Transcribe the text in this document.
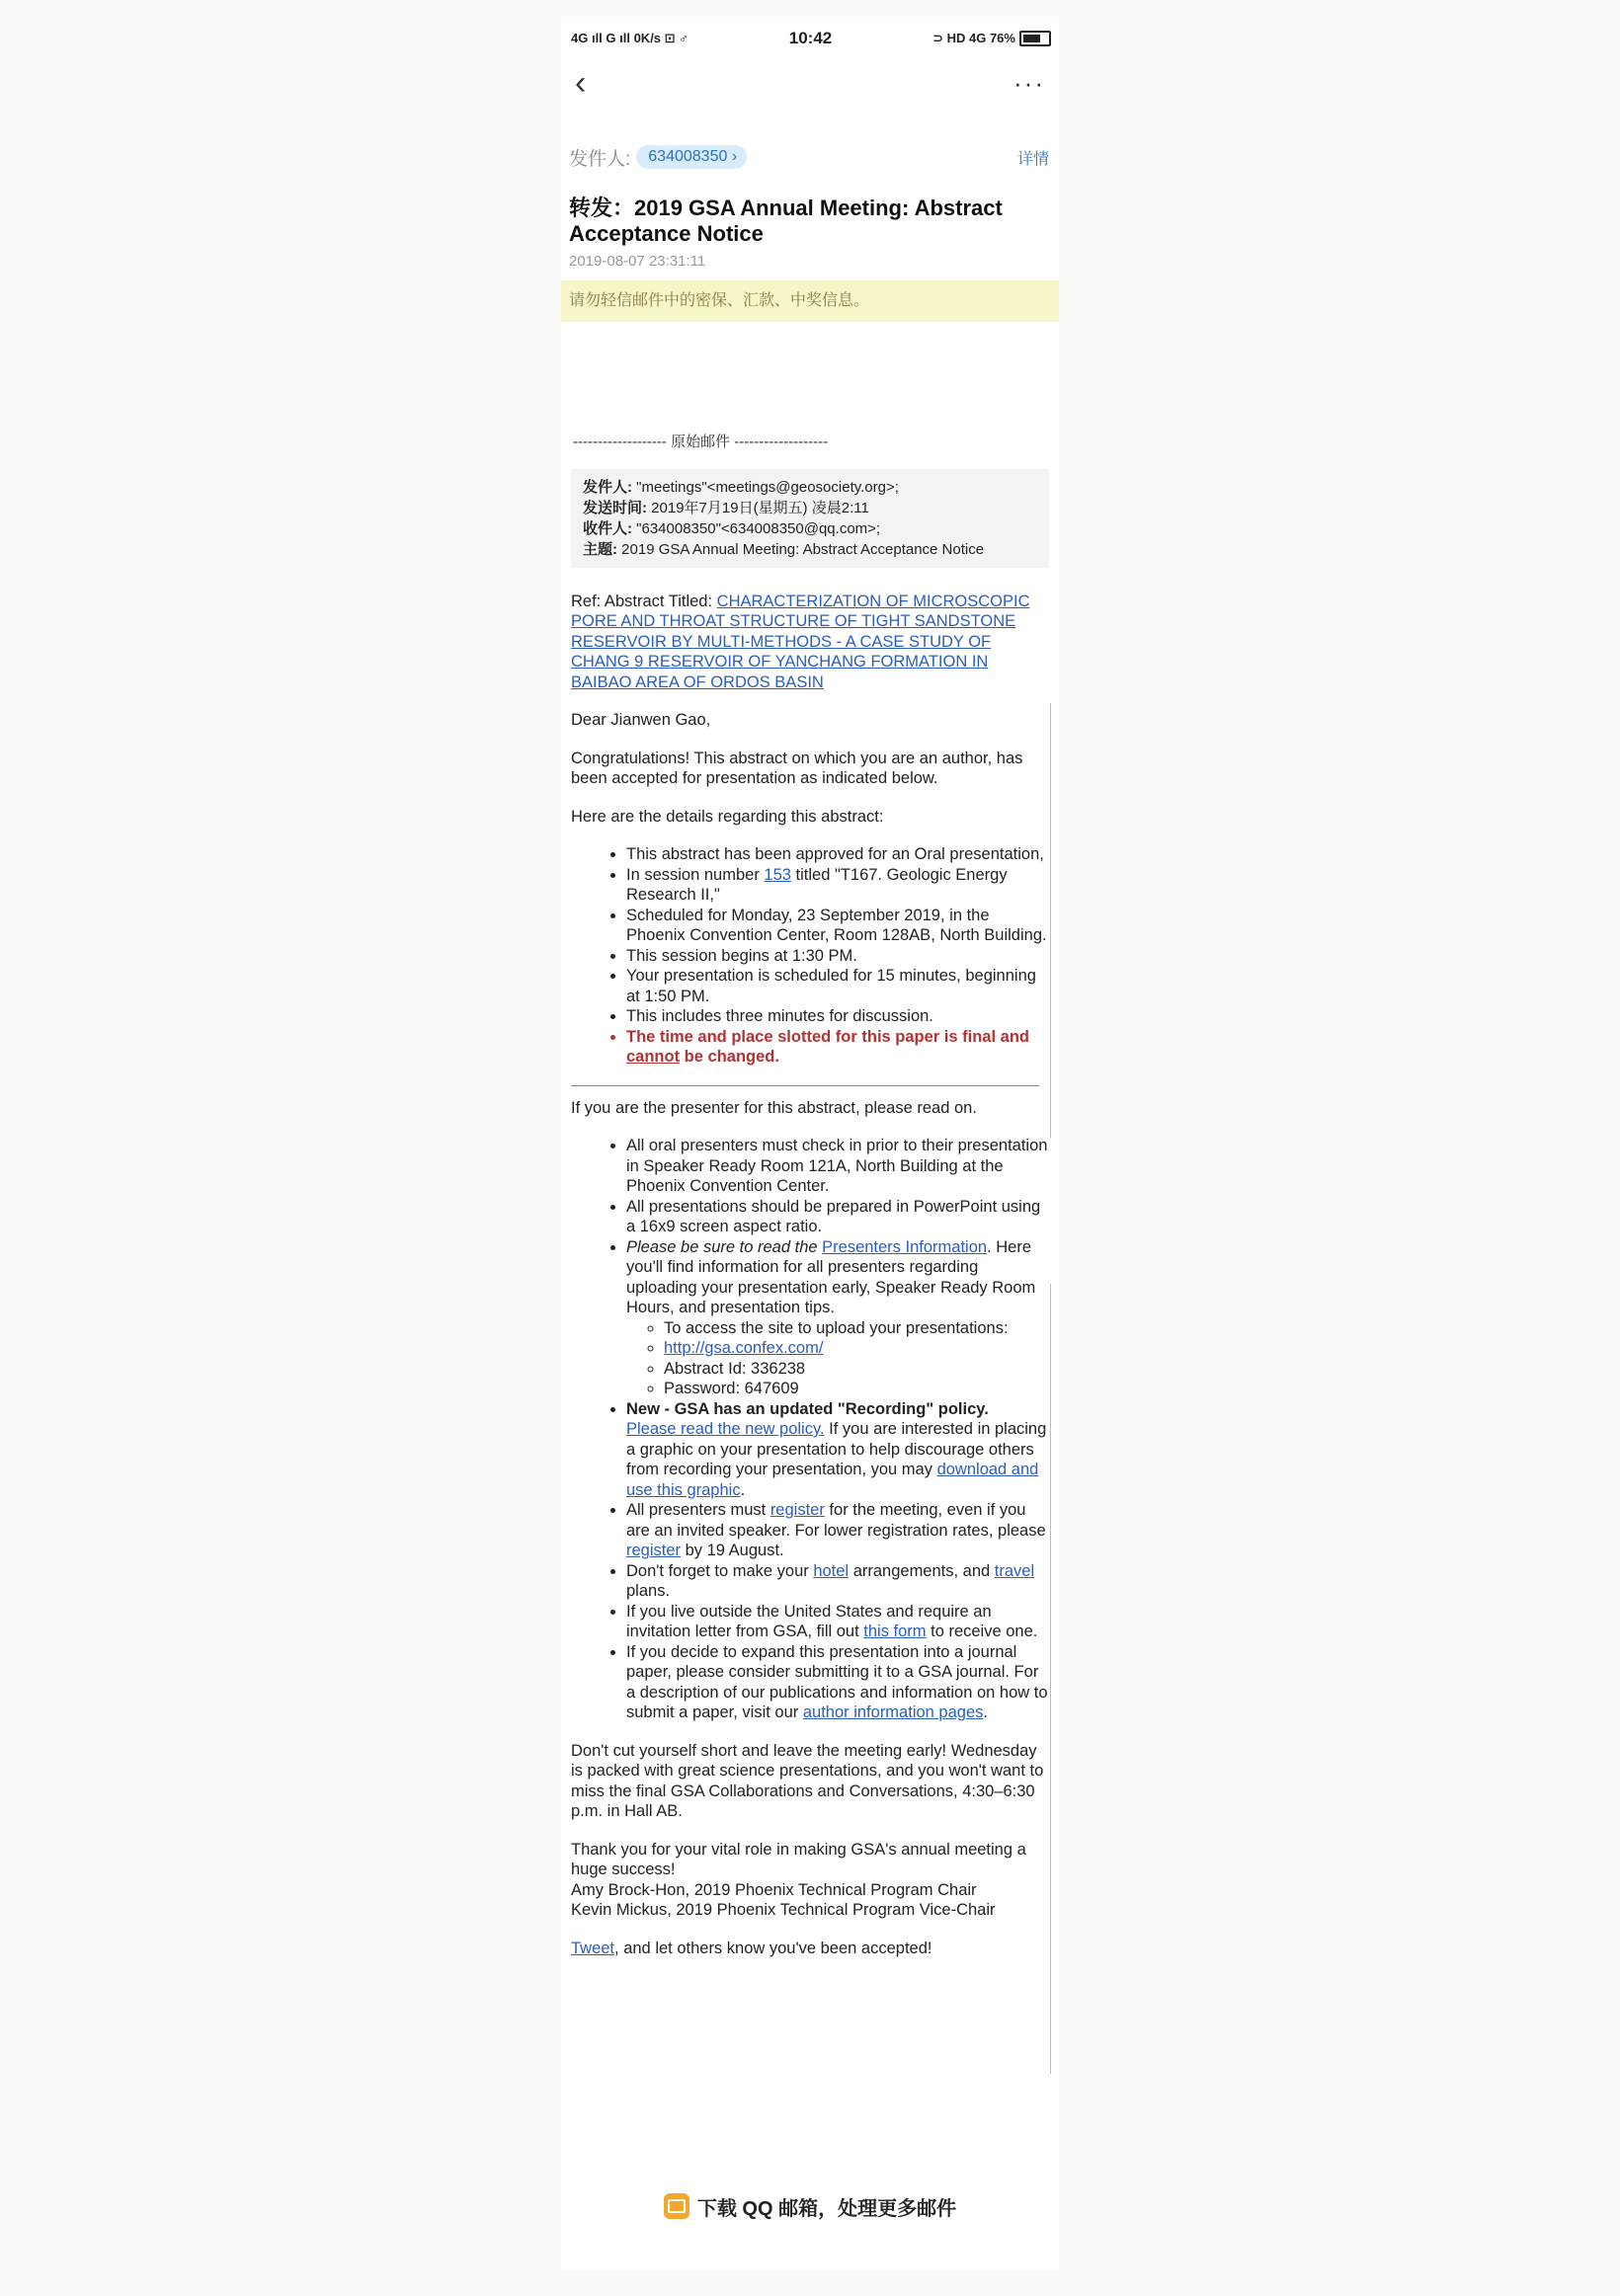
4G ıll G ıll 0K/s ⊡ ♂	10:42	⊃ HD 4G 76%
‹	···
发件人:	634008350 ›	详情
转发：2019 GSA Annual Meeting: Abstract Acceptance Notice
2019-08-07 23:31:11
请勿轻信邮件中的密保、汇款、中奖信息。
------------------- 原始邮件 -------------------
发件人: "meetings"<meetings@geosociety.org>;
发送时间: 2019年7月19日(星期五) 凌晨2:11
收件人: "634008350"<634008350@qq.com>;
主题: 2019 GSA Annual Meeting: Abstract Acceptance Notice

Ref: Abstract Titled: CHARACTERIZATION OF MICROSCOPIC PORE AND THROAT STRUCTURE OF TIGHT SANDSTONE RESERVOIR BY MULTI-METHODS - A CASE STUDY OF CHANG 9 RESERVOIR OF YANCHANG FORMATION IN BAIBAO AREA OF ORDOS BASIN

Dear Jianwen Gao,

Congratulations! This abstract on which you are an author, has been accepted for presentation as indicated below.

Here are the details regarding this abstract:

• This abstract has been approved for an Oral presentation,
• In session number 153 titled "T167. Geologic Energy Research II,"
• Scheduled for Monday, 23 September 2019, in the Phoenix Convention Center, Room 128AB, North Building.
• This session begins at 1:30 PM.
• Your presentation is scheduled for 15 minutes, beginning at 1:50 PM.
• This includes three minutes for discussion.
• The time and place slotted for this paper is final and cannot be changed.

If you are the presenter for this abstract, please read on.

• All oral presenters must check in prior to their presentation in Speaker Ready Room 121A, North Building at the Phoenix Convention Center.
• All presentations should be prepared in PowerPoint using a 16x9 screen aspect ratio.
• Please be sure to read the Presenters Information. Here you'll find information for all presenters regarding uploading your presentation early, Speaker Ready Room Hours, and presentation tips.
◦ To access the site to upload your presentations:
◦ http://gsa.confex.com/
◦ Abstract Id: 336238
◦ Password: 647609
• New - GSA has an updated "Recording" policy.
Please read the new policy. If you are interested in placing a graphic on your presentation to help discourage others from recording your presentation, you may download and use this graphic.
• All presenters must register for the meeting, even if you are an invited speaker. For lower registration rates, please register by 19 August.
• Don't forget to make your hotel arrangements, and travel plans.
• If you live outside the United States and require an invitation letter from GSA, fill out this form to receive one.
• If you decide to expand this presentation into a journal paper, please consider submitting it to a GSA journal. For a description of our publications and information on how to submit a paper, visit our author information pages.

Don't cut yourself short and leave the meeting early! Wednesday is packed with great science presentations, and you won't want to miss the final GSA Collaborations and Conversations, 4:30–6:30 p.m. in Hall AB.

Thank you for your vital role in making GSA's annual meeting a huge success!

Amy Brock-Hon, 2019 Phoenix Technical Program Chair

Kevin Mickus, 2019 Phoenix Technical Program Vice-Chair

Tweet, and let others know you've been accepted!

下载 QQ 邮箱，处理更多邮件
